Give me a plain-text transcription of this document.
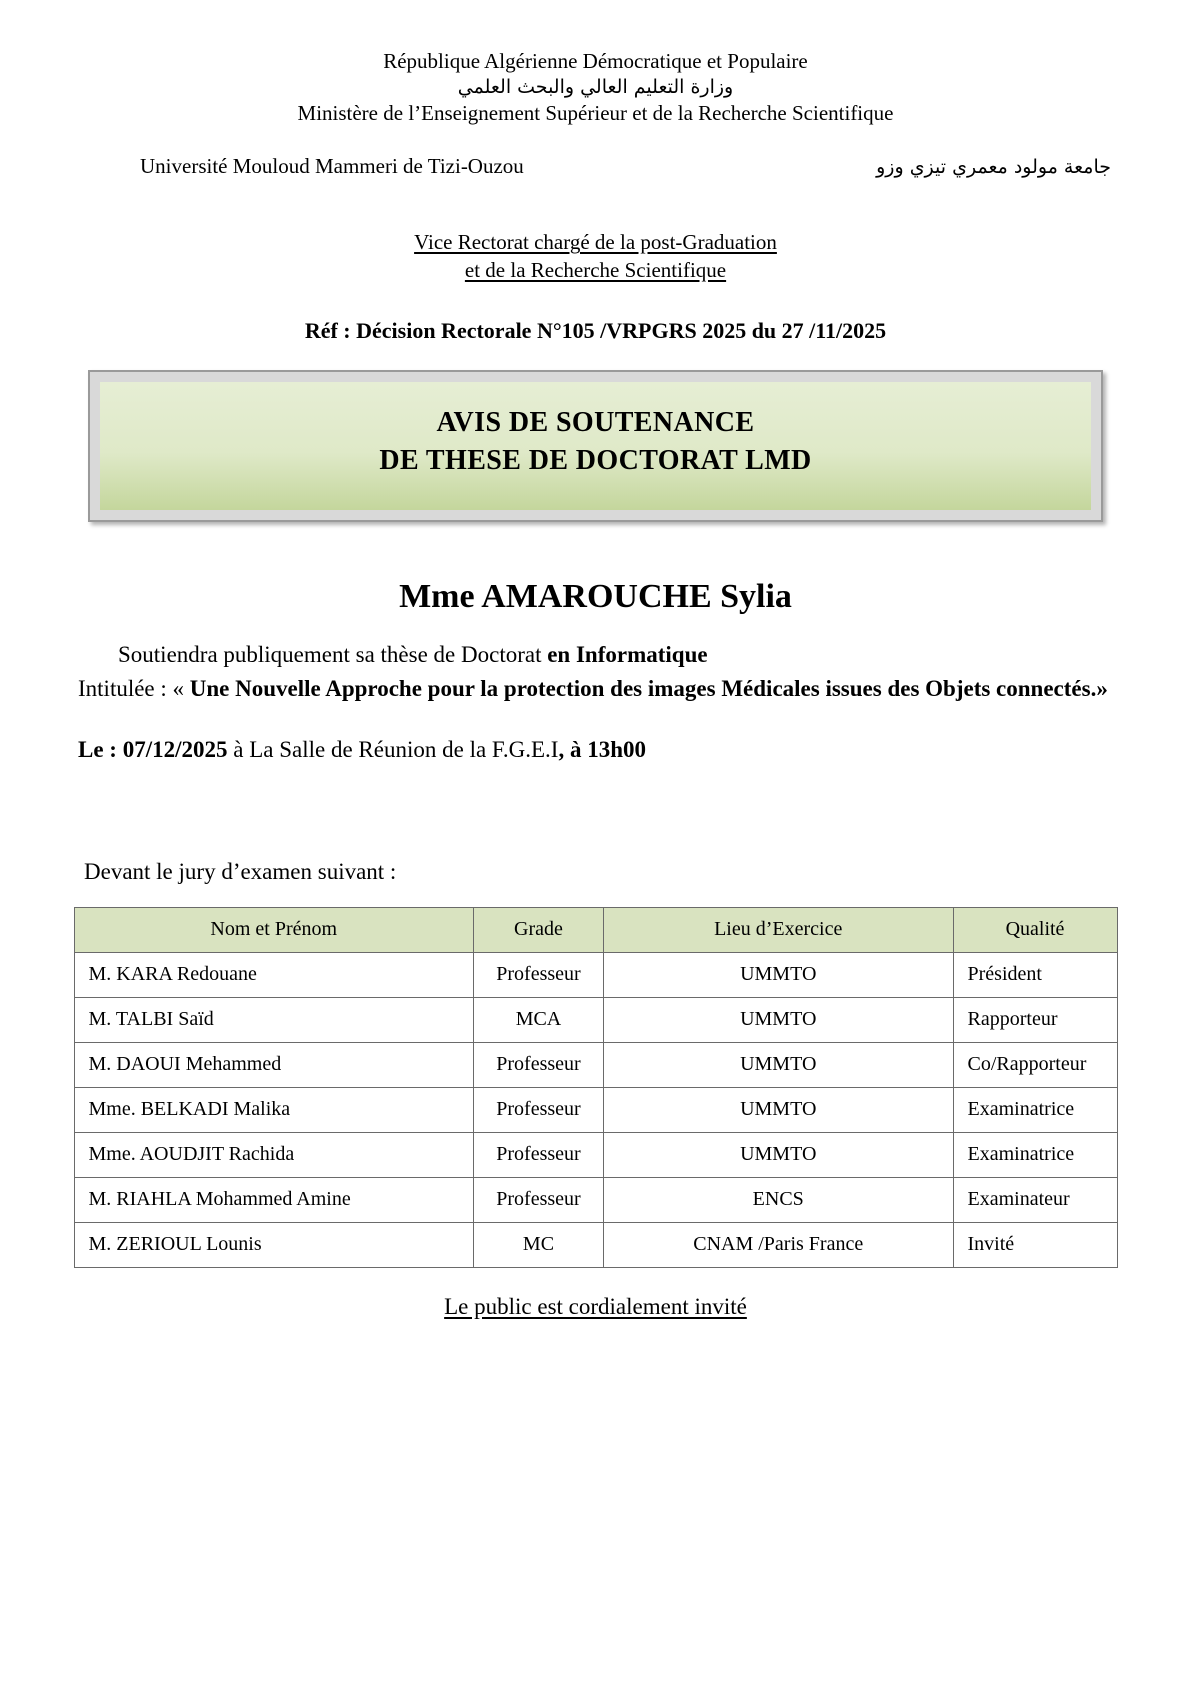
République Algérienne Démocratique et Populaire
وزارة التعليم العالي والبحث العلمي
Ministère de l’Enseignement Supérieur et de la Recherche Scientifique
Université Mouloud Mammeri de Tizi-Ouzou	جامعة مولود معمري تيزي وزو
Vice Rectorat chargé de la post-Graduation
et de la Recherche Scientifique
Réf : Décision Rectorale N°105 /VRPGRS 2025 du 27 /11/2025
AVIS DE SOUTENANCE
DE THESE DE DOCTORAT LMD
Mme AMAROUCHE Sylia
Soutiendra publiquement sa thèse de Doctorat en Informatique
Intitulée : « Une Nouvelle Approche pour la protection des images Médicales issues des Objets connectés.»
Le : 07/12/2025 à La Salle de Réunion de la F.G.E.I, à 13h00
Devant le jury d’examen suivant :
Nom et Prénom	Grade	Lieu d’Exercice	Qualité
M. KARA Redouane	Professeur	UMMTO	Président
M. TALBI Saïd	MCA	UMMTO	Rapporteur
M. DAOUI Mehammed	Professeur	UMMTO	Co/Rapporteur
Mme. BELKADI Malika	Professeur	UMMTO	Examinatrice
Mme. AOUDJIT Rachida	Professeur	UMMTO	Examinatrice
M. RIAHLA Mohammed Amine	Professeur	ENCS	Examinateur
M. ZERIOUL Lounis	MC	CNAM /Paris France	Invité
Le public est cordialement invité
